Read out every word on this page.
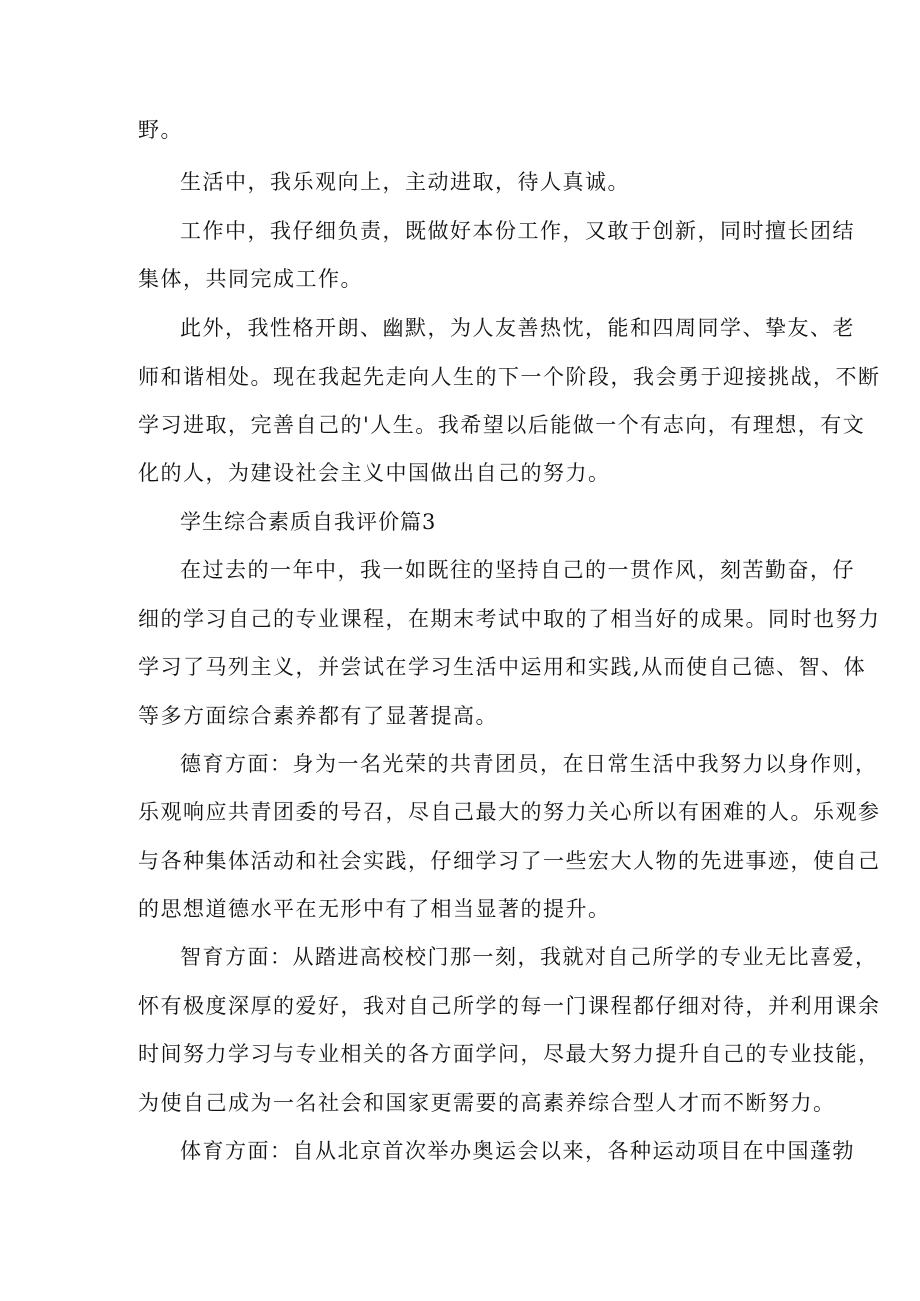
野。
生活中，我乐观向上，主动进取，待人真诚。
工作中，我仔细负责，既做好本份工作，又敢于创新，同时擅长团结
集体，共同完成工作。
此外，我性格开朗、幽默，为人友善热忱，能和四周同学、挚友、老
师和谐相处。现在我起先走向人生的下一个阶段，我会勇于迎接挑战，不断
学习进取，完善自己的'人生。我希望以后能做一个有志向，有理想，有文
化的人，为建设社会主义中国做出自己的努力。
学生综合素质自我评价篇3
在过去的一年中，我一如既往的坚持自己的一贯作风，刻苦勤奋，仔
细的学习自己的专业课程，在期末考试中取的了相当好的成果。同时也努力
学习了马列主义，并尝试在学习生活中运用和实践,从而使自己德、智、体
等多方面综合素养都有了显著提高。
德育方面：身为一名光荣的共青团员，在日常生活中我努力以身作则，
乐观响应共青团委的号召，尽自己最大的努力关心所以有困难的人。乐观参
与各种集体活动和社会实践，仔细学习了一些宏大人物的先进事迹，使自己
的思想道德水平在无形中有了相当显著的提升。
智育方面：从踏进高校校门那一刻，我就对自己所学的专业无比喜爱，
怀有极度深厚的爱好，我对自己所学的每一门课程都仔细对待，并利用课余
时间努力学习与专业相关的各方面学问，尽最大努力提升自己的专业技能，
为使自己成为一名社会和国家更需要的高素养综合型人才而不断努力。
体育方面：自从北京首次举办奥运会以来，各种运动项目在中国蓬勃
